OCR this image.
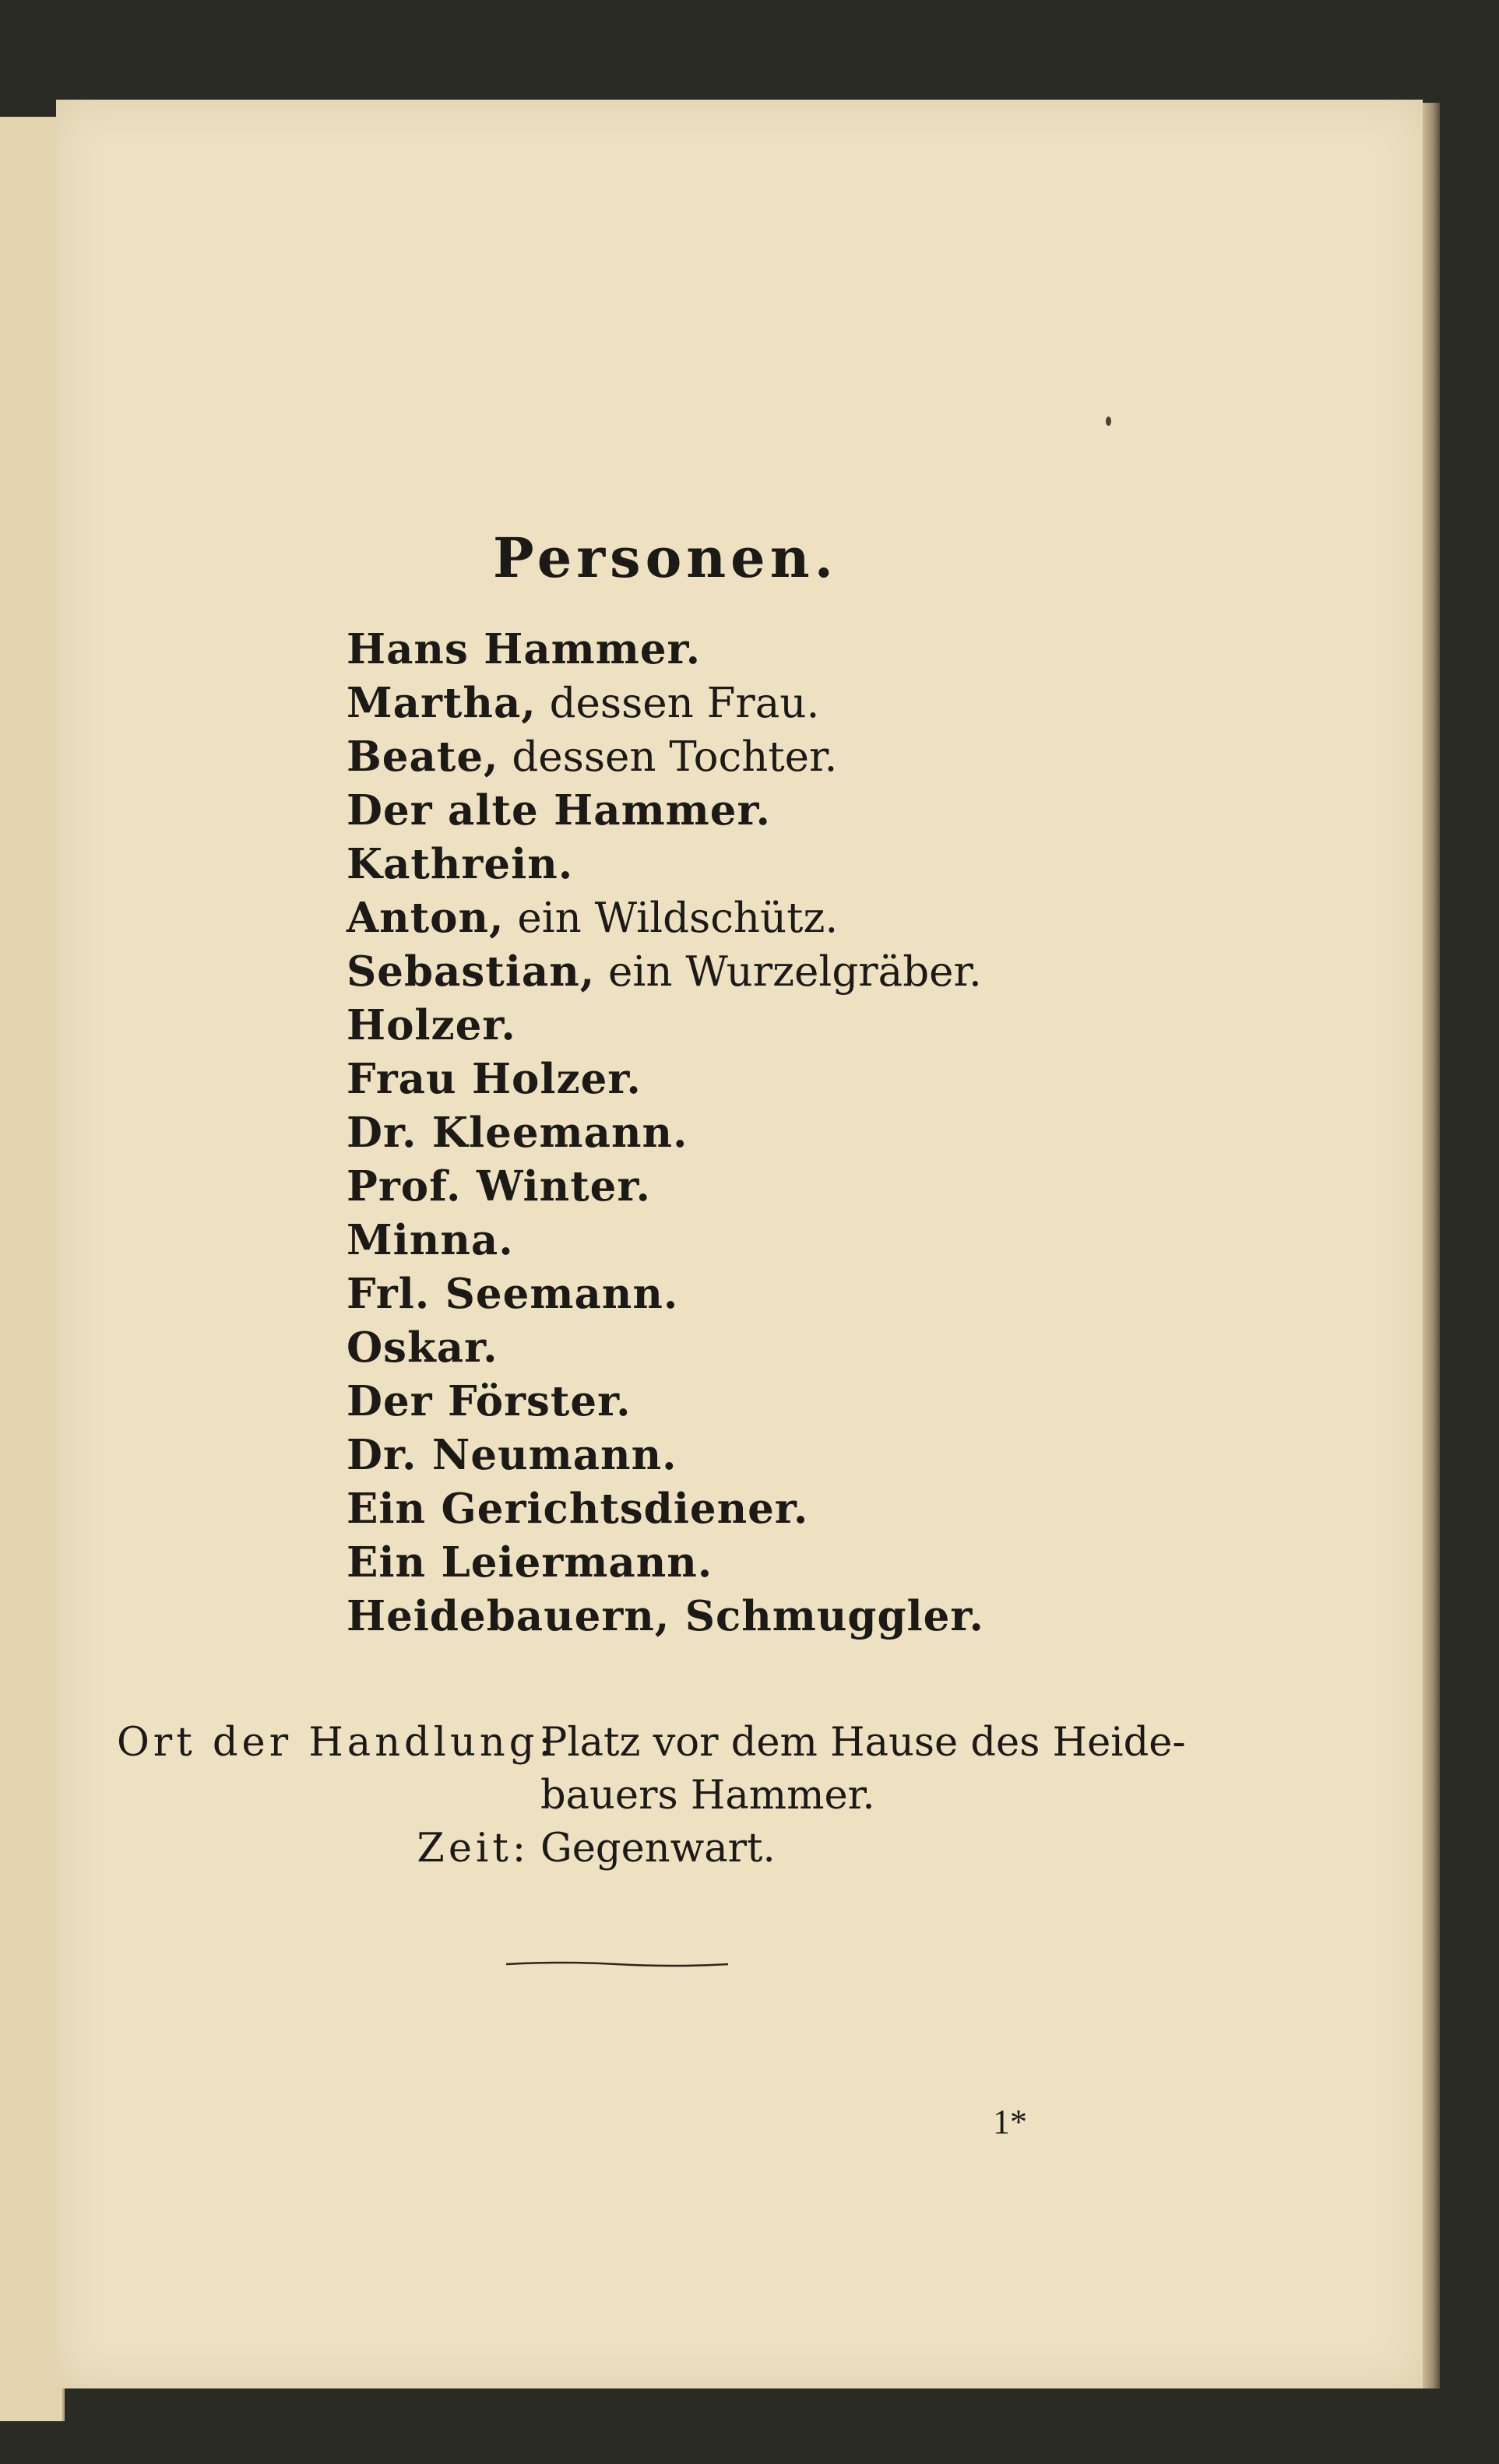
Personen.
Hans Hammer.
Martha, dessen Frau.
Beate, dessen Tochter.
Der alte Hammer.
Kathrein.
Anton, ein Wildschütz.
Sebastian, ein Wurzelgräber.
Holzer.
Frau Holzer.
Dr. Kleemann.
Prof. Winter.
Minna.
Frl. Seemann.
Oskar.
Der Förster.
Dr. Neumann.
Ein Gerichtsdiener.
Ein Leiermann.
Heidebauern, Schmuggler.
Ort der Handlung:Platz vor dem Hause des Heide-
bauers Hammer.
Zeit: Gegenwart.
1*
